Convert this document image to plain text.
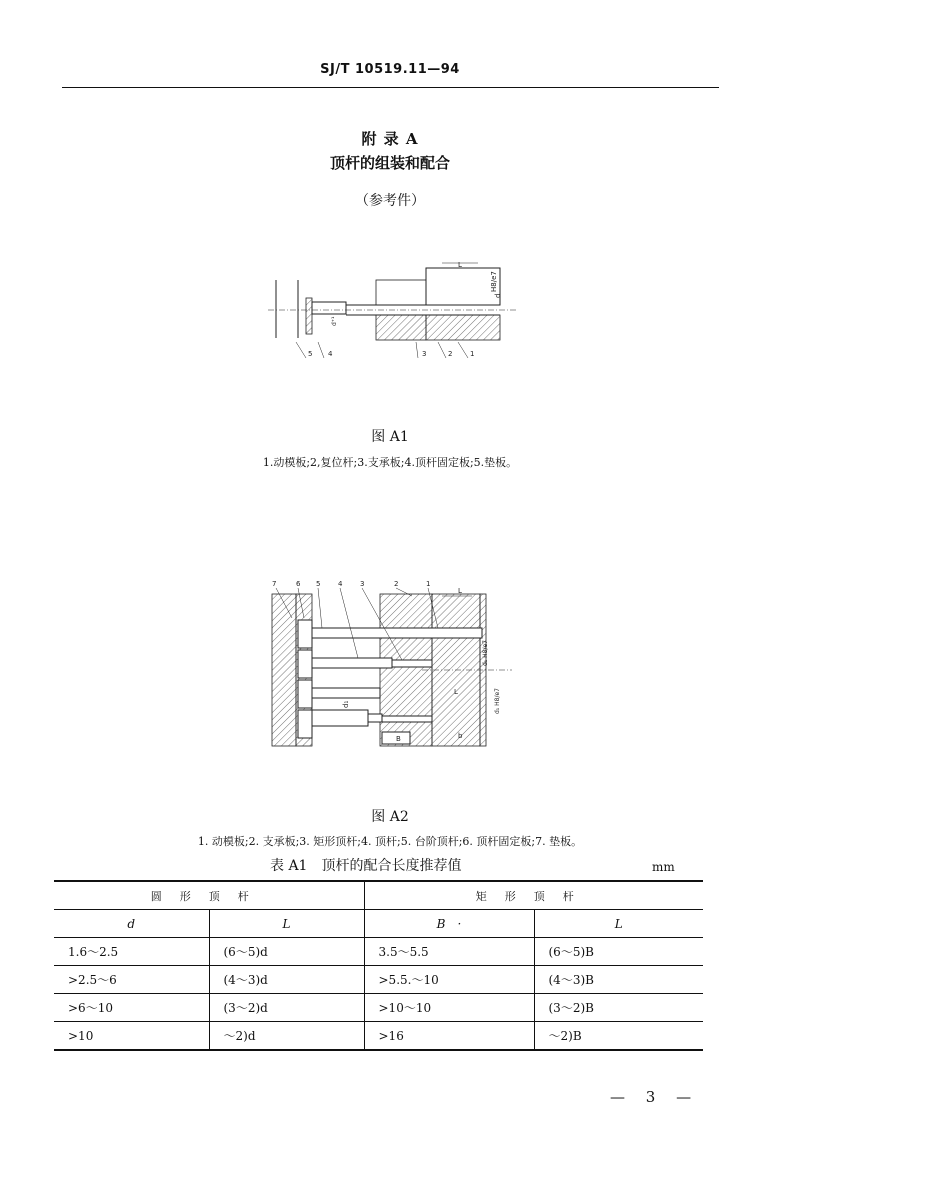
SJ/T 10519.11—94
附 录 A
顶杆的组装和配合
（参考件）
L
H8/e7
d
d⁺¹
5 4	3	2	1
图 A1
1.动模板;2,复位杆;3.支承板;4.顶杆固定板;5.垫板。
L
L
B	b
d₁
d₁ H8/e7
d₁ H8/e7
7	6 5	4	3	2	1
图 A2
1. 动模板;2. 支承板;3. 矩形顶杆;4. 顶杆;5. 台阶顶杆;6. 顶杆固定板;7. 垫板。
表 A1　顶杆的配合长度推荐值	mm
圆形顶杆		矩形顶杆	
d	L	B　·	L
1.6～2.5	(6～5)d	3.5～5.5	(6～5)B
>2.5～6	(4～3)d	>5.5.～10	(4～3)B
>6～10	(3～2)d	>10～10	(3～2)B
>10	～2)d	>16	～2)B
— 3 —
